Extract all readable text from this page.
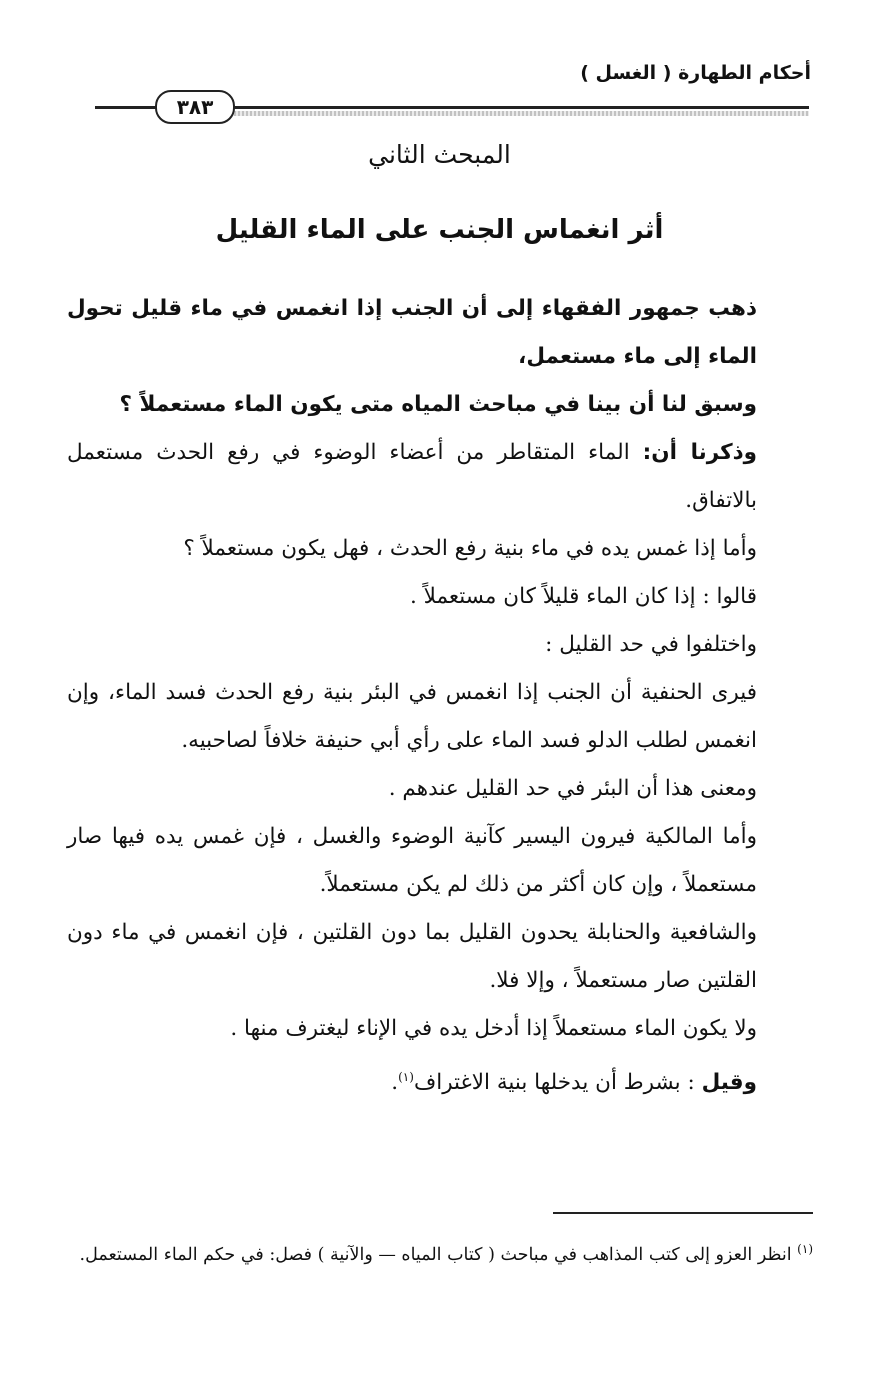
أحكام الطهارة ( الغسل )
٣٨٣
المبحث الثاني
أثر انغماس الجنب على الماء القليل

ذهب جمهور الفقهاء إلى أن الجنب إذا انغمس في ماء قليل تحول الماء إلى ماء مستعمل،

وسبق لنا أن بينا في مباحث المياه متى يكون الماء مستعملاً ؟

وذكرنا أن: الماء المتقاطر من أعضاء الوضوء في رفع الحدث مستعمل بالاتفاق.

وأما إذا غمس يده في ماء بنية رفع الحدث ، فهل يكون مستعملاً ؟

قالوا : إذا كان الماء قليلاً كان مستعملاً .

واختلفوا في حد القليل :

فيرى الحنفية أن الجنب إذا انغمس في البئر بنية رفع الحدث فسد الماء، وإن انغمس لطلب الدلو فسد الماء على رأي أبي حنيفة خلافاً لصاحبيه.

ومعنى هذا أن البئر في حد القليل عندهم .

وأما المالكية فيرون اليسير كآنية الوضوء والغسل ، فإن غمس يده فيها صار مستعملاً ، وإن كان أكثر من ذلك لم يكن مستعملاً.

والشافعية والحنابلة يحدون القليل بما دون القلتين ، فإن انغمس في ماء دون القلتين صار مستعملاً ، وإلا فلا.

ولا يكون الماء مستعملاً إذا أدخل يده في الإناء ليغترف منها .

وقيل : بشرط أن يدخلها بنية الاغتراف$^{(١)}$.

$^{(١)}$ انظر العزو إلى كتب المذاهب في مباحث ( كتاب المياه — والآنية ) فصل: في حكم الماء المستعمل.
